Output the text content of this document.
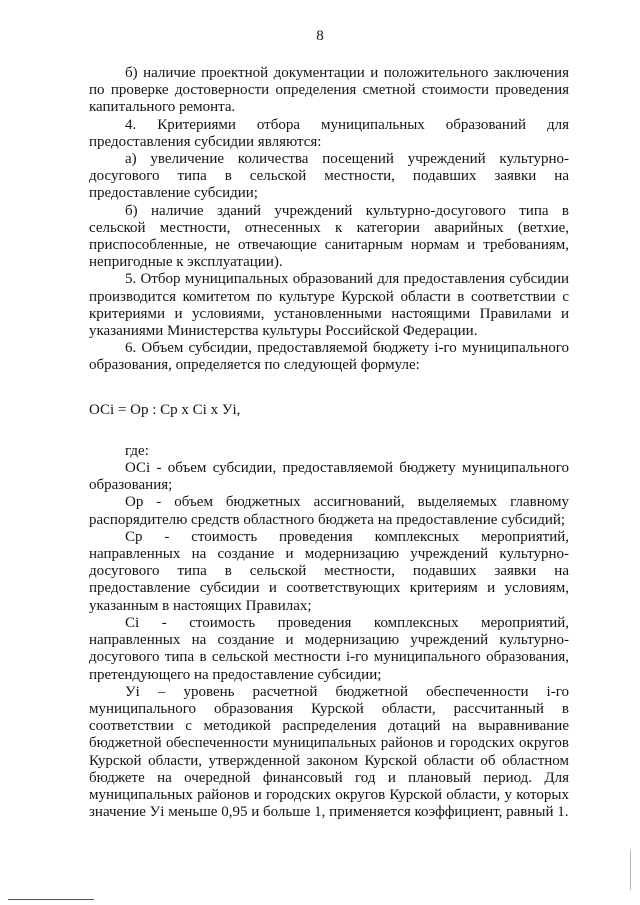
8

б) наличие проектной документации и положительного заключения по проверке достоверности определения сметной стоимости проведения капитального ремонта.

4. Критериями отбора муниципальных образований для предоставления субсидии являются:

а) увеличение количества посещений учреждений культурно-досугового типа в сельской местности, подавших заявки на предоставление субсидии;

б) наличие зданий учреждений культурно-досугового типа в сельской местности, отнесенных к категории аварийных (ветхие, приспособленные, не отвечающие санитарным нормам и требованиям, непригодные к эксплуатации).

5. Отбор муниципальных образований для предоставления субсидии производится комитетом по культуре Курской области в соответствии с критериями и условиями, установленными настоящими Правилами и указаниями Министерства культуры Российской Федерации.

6. Объем субсидии, предоставляемой бюджету i-го муниципального образования, определяется по следующей формуле:

ОСi = Ор : Ср х Сi х Уi,

где:

ОСi - объем субсидии, предоставляемой бюджету муниципального образования;

Ор - объем бюджетных ассигнований, выделяемых главному распорядителю средств областного бюджета на предоставление субсидий;

Ср - стоимость проведения комплексных мероприятий, направленных на создание и модернизацию учреждений культурно-досугового типа в сельской местности, подавших заявки на предоставление субсидии и соответствующих критериям и условиям, указанным в настоящих Правилах;

Сi - стоимость проведения комплексных мероприятий, направленных на создание и модернизацию учреждений культурно-досугового типа в сельской местности i-го муниципального образования, претендующего на предоставление субсидии;

Уi – уровень расчетной бюджетной обеспеченности i-го муниципального образования Курской области, рассчитанный в соответствии с методикой распределения дотаций на выравнивание бюджетной обеспеченности муниципальных районов и городских округов Курской области, утвержденной законом Курской области об областном бюджете на очередной финансовый год и плановый период. Для муниципальных районов и городских округов Курской области, у которых значение Уi меньше 0,95 и больше 1, применяется коэффициент, равный 1.
